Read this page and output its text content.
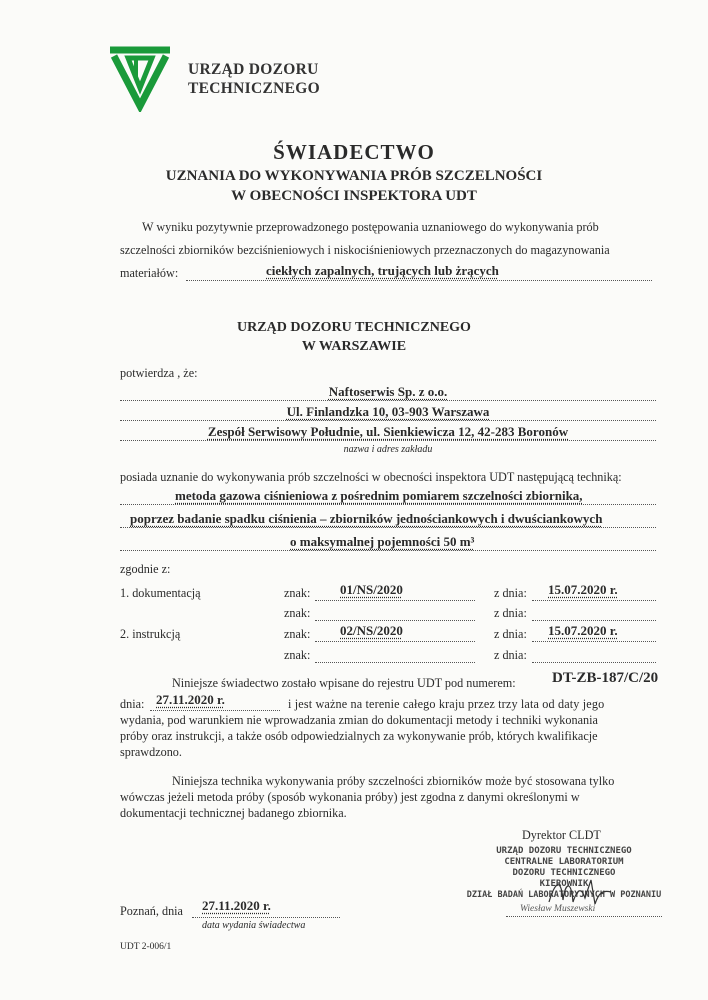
URZĄD DOZORU
TECHNICZNEGO
ŚWIADECTWO
UZNANIA DO WYKONYWANIA PRÓB SZCZELNOŚCI
W OBECNOŚCI INSPEKTORA UDT
W wyniku pozytywnie przeprowadzonego postępowania uznaniowego do wykonywania prób
szczelności zbiorników bezciśnieniowych i niskociśnieniowych przeznaczonych do magazynowania
materiałów:	ciekłych zapalnych, trujących lub żrących
URZĄD DOZORU TECHNICZNEGO
W WARSZAWIE
potwierdza , że:
Naftoserwis Sp. z o.o.
Ul. Finlandzka 10, 03-903 Warszawa
Zespół Serwisowy Południe, ul. Sienkiewicza 12, 42-283 Boronów
nazwa i adres zakładu
posiada uznanie do wykonywania prób szczelności w obecności inspektora UDT następującą techniką:
metoda gazowa ciśnieniowa z pośrednim pomiarem szczelności zbiornika,
poprzez badanie spadku ciśnienia – zbiorników jednościankowych i dwuściankowych
o maksymalnej pojemności 50 m³
zgodnie z:
1. dokumentacją	znak: 01/NS/2020	z dnia: 15.07.2020 r.
znak:	z dnia:
2. instrukcją	znak: 02/NS/2020	z dnia: 15.07.2020 r.
znak:	z dnia:
Niniejsze świadectwo zostało wpisane do rejestru UDT pod numerem: DT-ZB-187/C/20
dnia: 27.11.2020 r.	i jest ważne na terenie całego kraju przez trzy lata od daty jego
wydania, pod warunkiem nie wprowadzania zmian do dokumentacji metody i techniki wykonania
próby oraz instrukcji, a także osób odpowiedzialnych za wykonywanie prób, których kwalifikacje
sprawdzono.
Niniejsza technika wykonywania próby szczelności zbiorników może być stosowana tylko
wówczas jeżeli metoda próby (sposób wykonania próby) jest zgodna z danymi określonymi w
dokumentacji technicznej badanego zbiornika.
Dyrektor CLDT
URZĄD DOZORU TECHNICZNEGO
CENTRALNE LABORATORIUM
DOZORU TECHNICZNEGO
KIEROWNIK
DZIAŁ BADAŃ LABORATORYJNYCH W POZNANIU
Wiesław Muszewski
Poznań, dnia 27.11.2020 r.
data wydania świadectwa
UDT 2-006/1
